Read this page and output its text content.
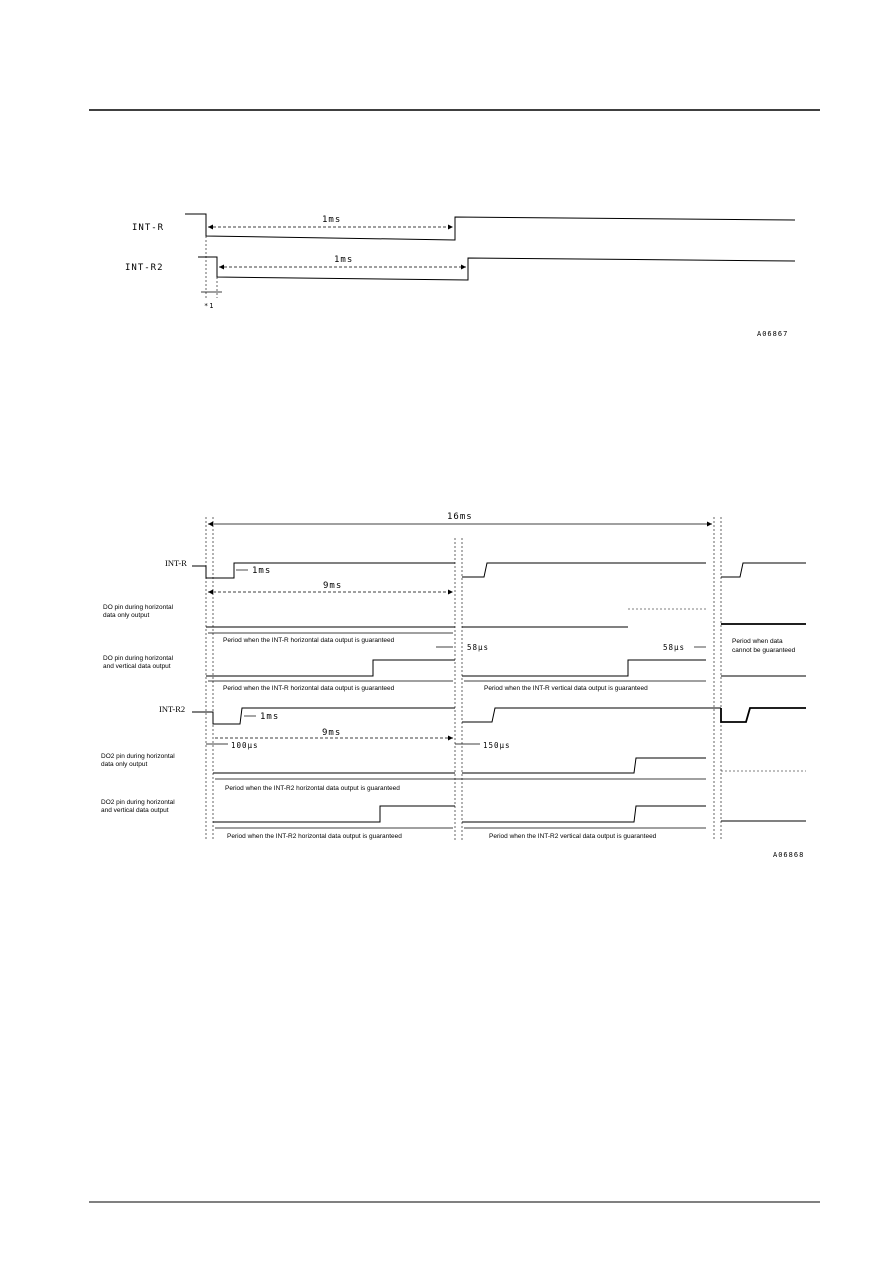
INT-R
INT-R2
1ms
1ms
*1
A06867
16ms
INT-R
1ms
9ms
DO pin during horizontal
data only output
Period when the INT-R horizontal data output is guaranteed
58µs	58µs
Period when data
cannot be guaranteed
DO pin during horizontal
and vertical data output
Period when the INT-R horizontal data output is guaranteed	Period when the INT-R vertical data output is guaranteed
INT-R2
1ms
9ms
100µs	150µs
DO2 pin during horizontal
data only output
Period when the INT-R2 horizontal data output is guaranteed
DO2 pin during horizontal
and vertical data output
Period when the INT-R2 horizontal data output is guaranteed	Period when the INT-R2 vertical data output is guaranteed
A06868
